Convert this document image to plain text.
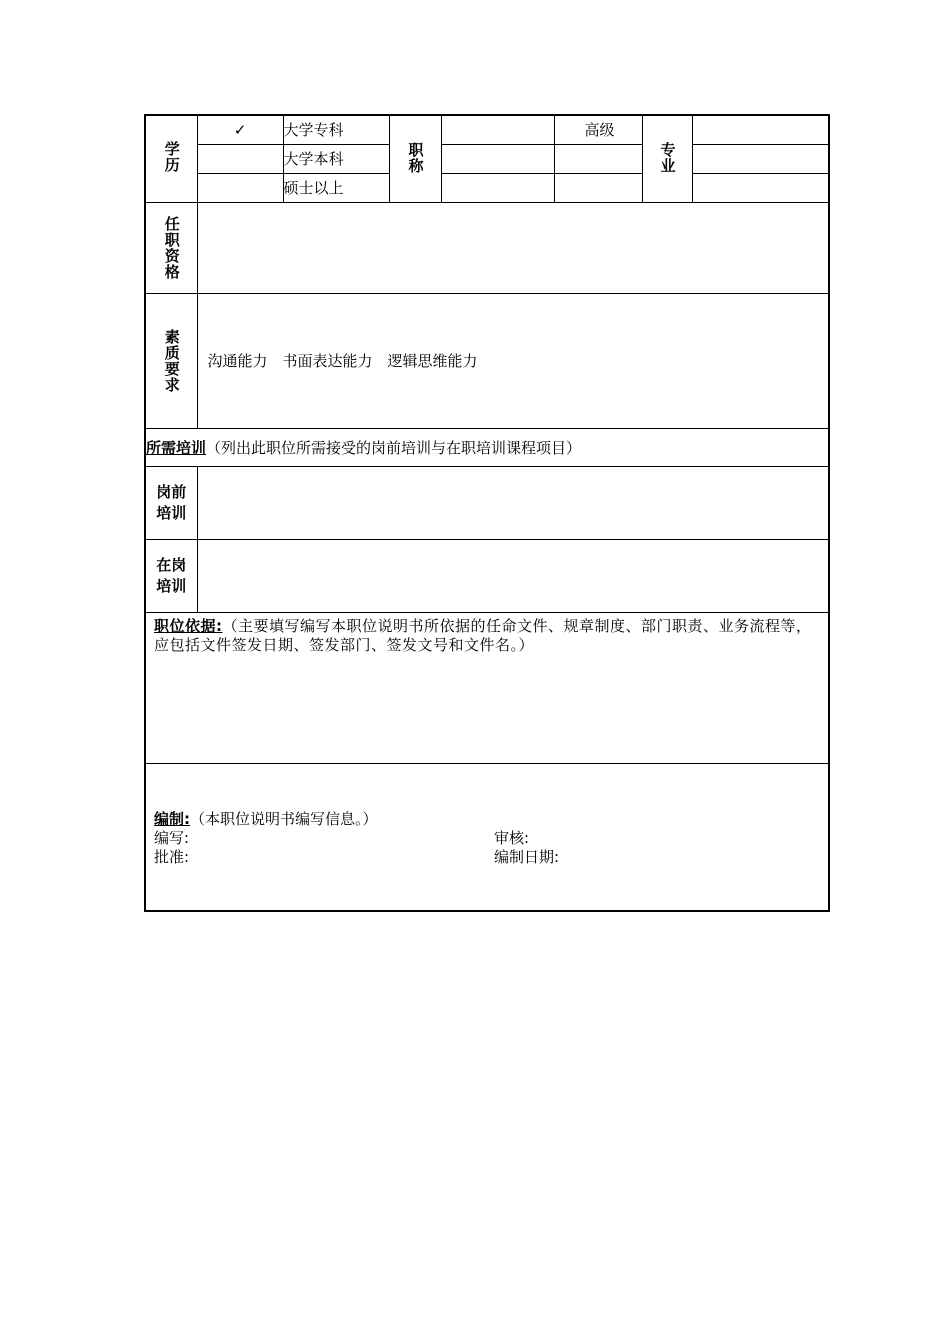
学历	✓	大学专科	职称		高级	专业	

		大学本科					
		硕士以上					

任职资格							

素质要求	沟通能力　书面表达能力　逻辑思维能力						
所需培训（列出此职位所需接受的岗前培训与在职培训课程项目）							

岗前培训							

在岗培训							

职位依据:（主要填写编写本职位说明书所依据的任命文件、规章制度、部门职责、业务流程等，应包括文件签发日期、签发部门、签发文号和文件名。）							

编制:（本职位说明书编写信息。）
编写: 审核:
批准: 编制日期:							
